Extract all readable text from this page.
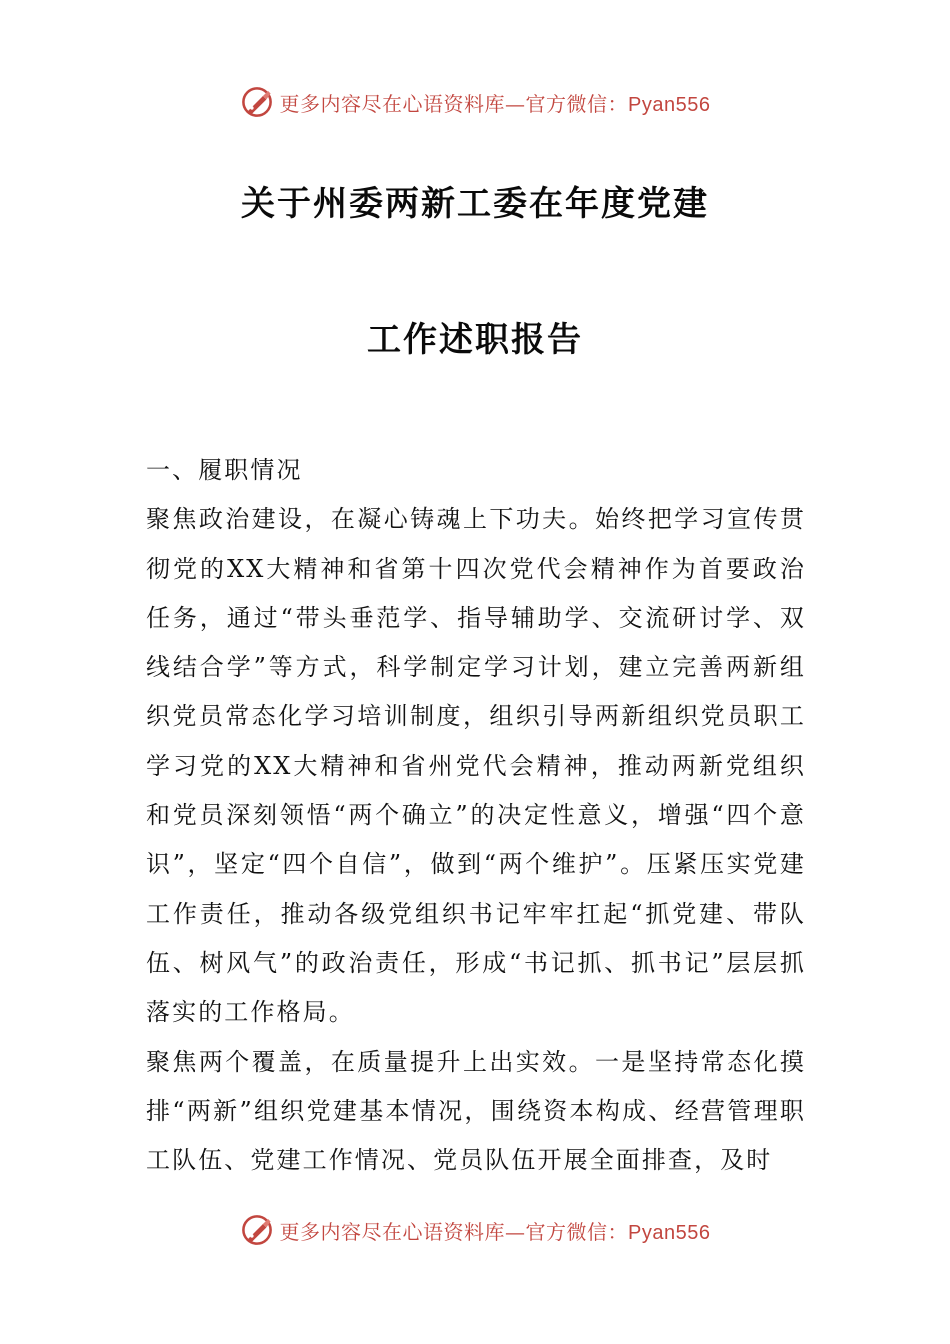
更多内容尽在心语资料库—官方微信：Pyan556
关于州委两新工委在年度党建
工作述职报告

一、履职情况

聚焦政治建设，在凝心铸魂上下功夫。始终把学习宣传贯彻党的XX大精神和省第十四次党代会精神作为首要政治任务，通过“带头垂范学、指导辅助学、交流研讨学、双线结合学”等方式，科学制定学习计划，建立完善两新组织党员常态化学习培训制度，组织引导两新组织党员职工学习党的XX大精神和省州党代会精神，推动两新党组织和党员深刻领悟“两个确立”的决定性意义，增强“四个意识”，坚定“四个自信”，做到“两个维护”。压紧压实党建工作责任，推动各级党组织书记牢牢扛起“抓党建、带队伍、树风气”的政治责任，形成“书记抓、抓书记”层层抓落实的工作格局。

聚焦两个覆盖，在质量提升上出实效。一是坚持常态化摸排“两新”组织党建基本情况，围绕资本构成、经营管理职工队伍、党建工作情况、党员队伍开展全面排查，及时

更多内容尽在心语资料库—官方微信：Pyan556
